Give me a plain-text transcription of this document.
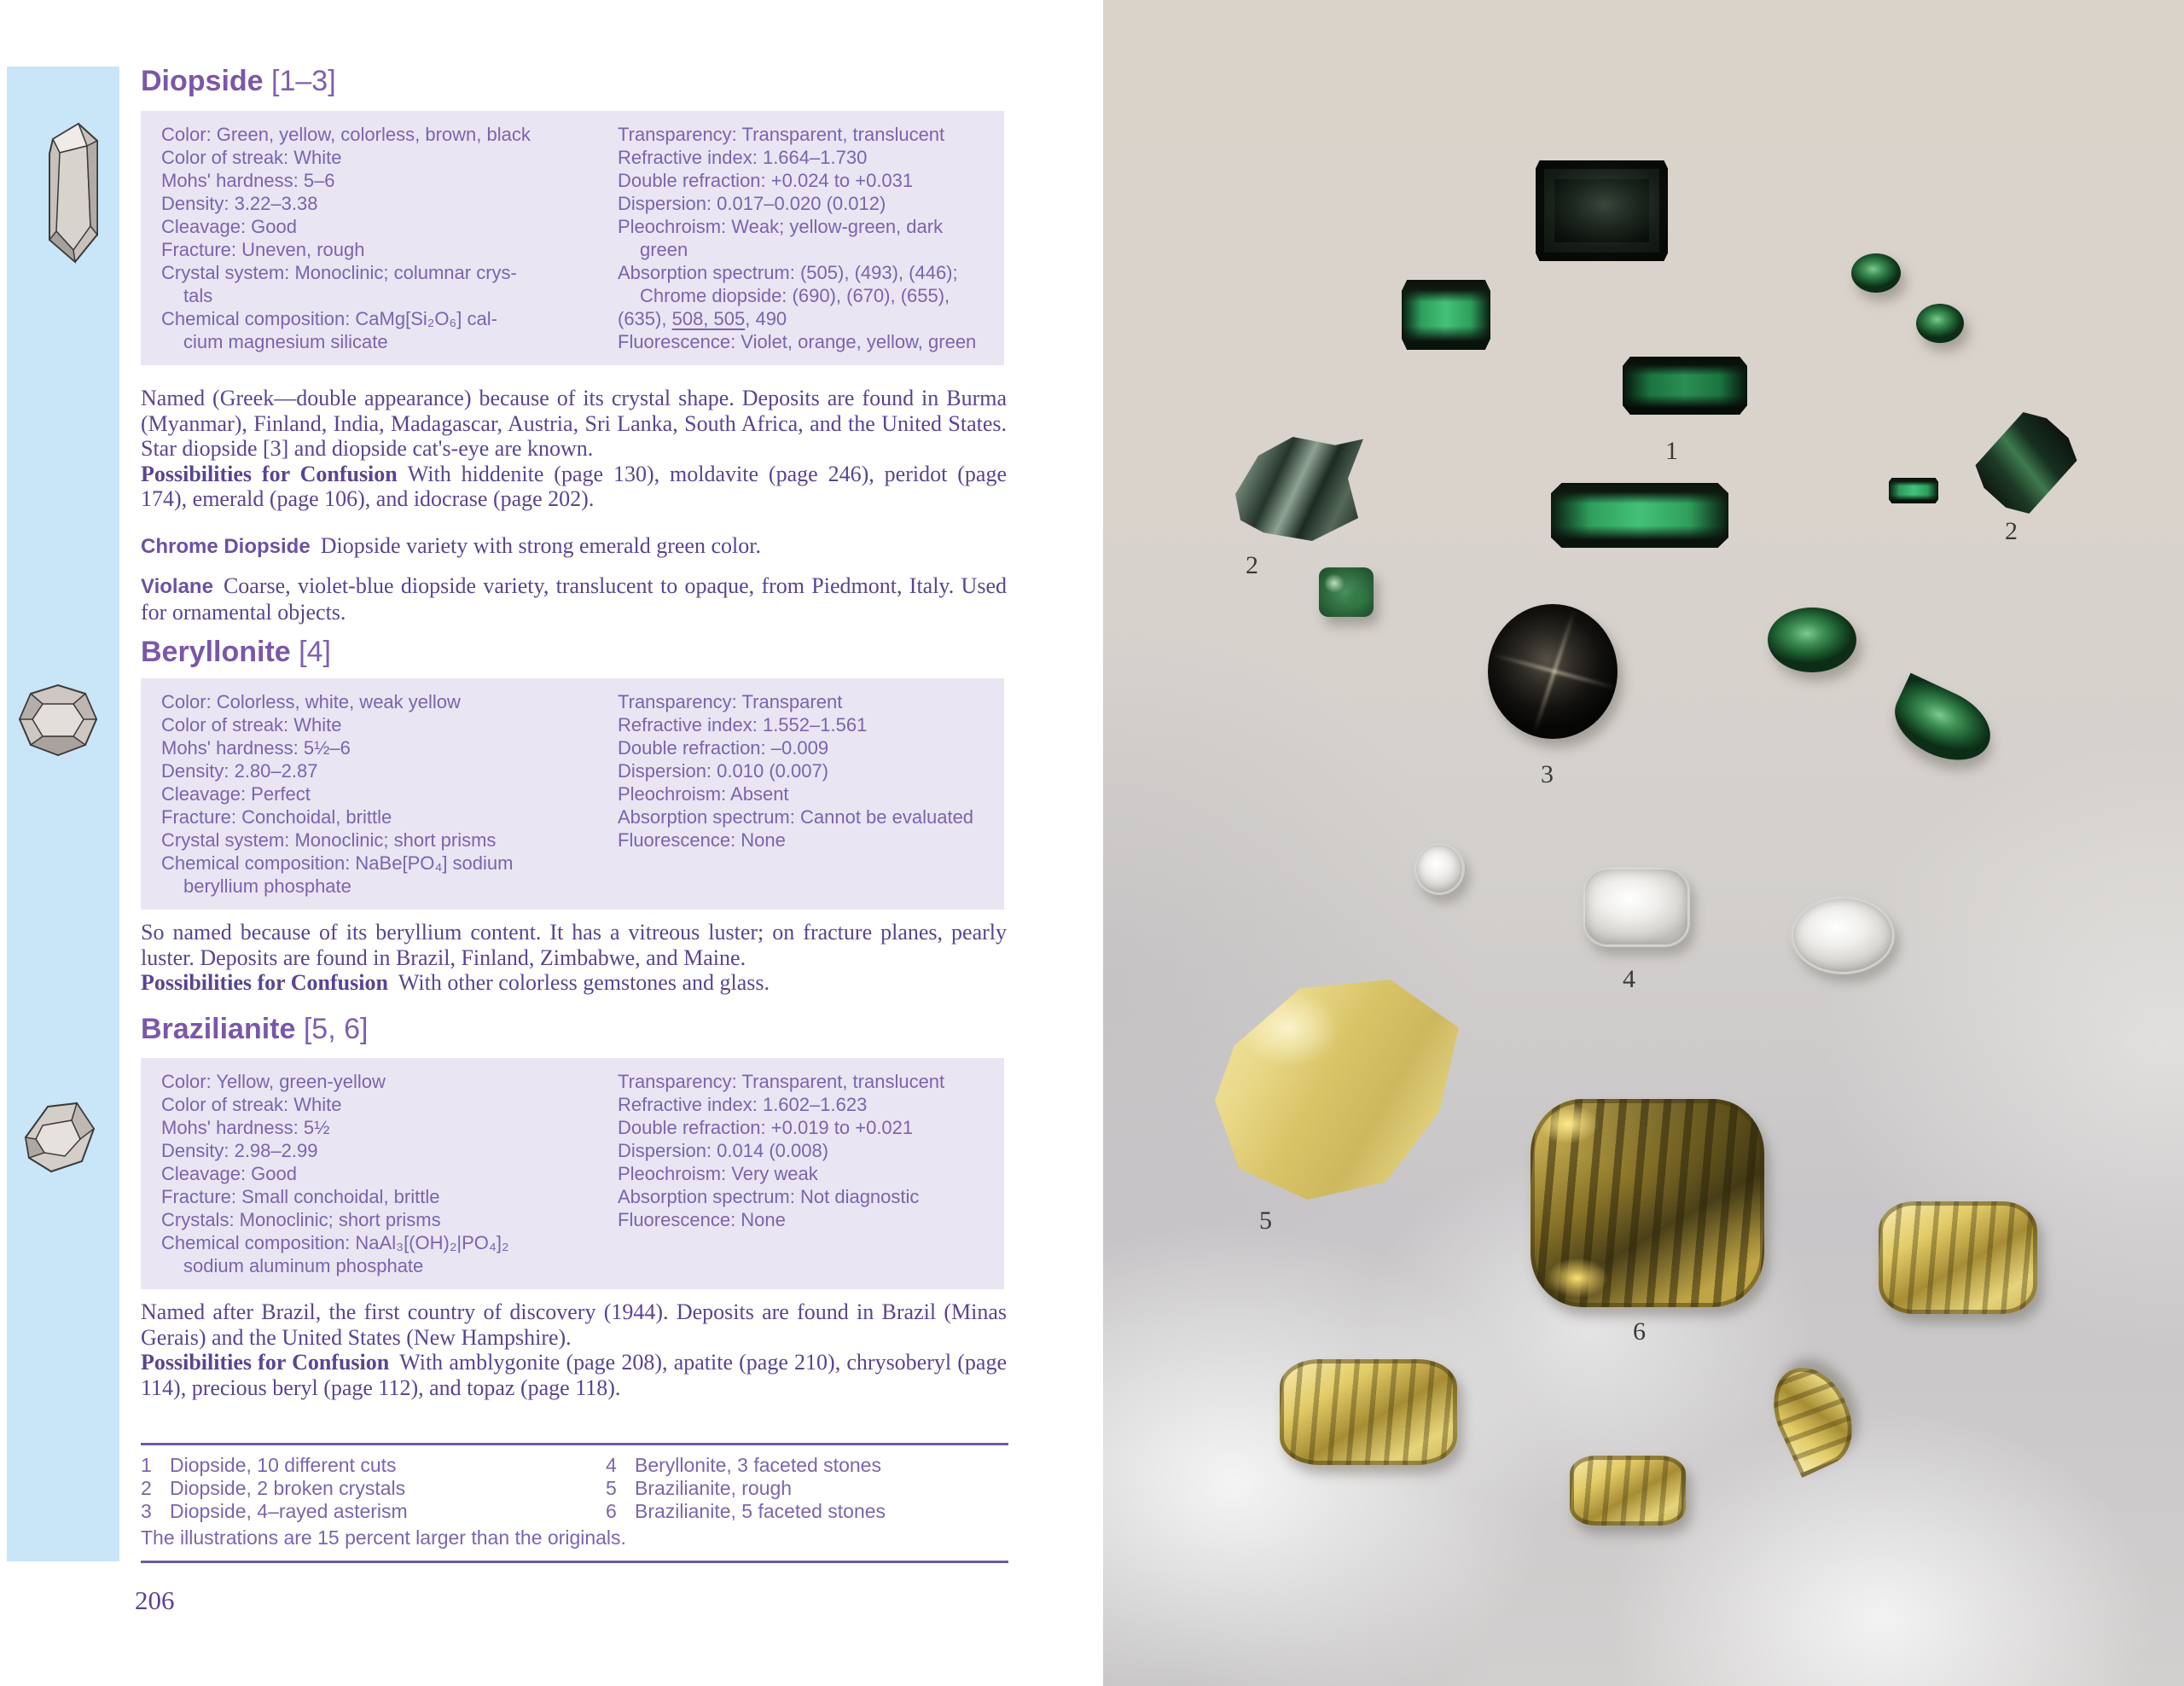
Diopside [1–3]
Color: Green, yellow, colorless, brown, black
Color of streak: White
Mohs' hardness: 5–6
Density: 3.22–3.38
Cleavage: Good
Fracture: Uneven, rough
Crystal system: Monoclinic; columnar crys-
tals
Chemical composition: CaMg[Si₂O₆] cal-
cium magnesium silicate
Transparency: Transparent, translucent
Refractive index: 1.664–1.730
Double refraction: +0.024 to +0.031
Dispersion: 0.017–0.020 (0.012)
Pleochroism: Weak; yellow-green, dark
green
Absorption spectrum: (505), (493), (446);
Chrome diopside: (690), (670), (655),
(635), 508, 505, 490
Fluorescence: Violet, orange, yellow, green

Named (Greek—double appearance) because of its crystal shape. Deposits are found in Burma (Myanmar), Finland, India, Madagascar, Austria, Sri Lanka, South Africa, and the United States. Star diopside [3] and diopside cat's-eye are known.

Possibilities for Confusion With hiddenite (page 130), moldavite (page 246), peridot (page 174), emerald (page 106), and idocrase (page 202).

Chrome Diopside Diopside variety with strong emerald green color.

Violane Coarse, violet-blue diopside variety, translucent to opaque, from Piedmont, Italy. Used for ornamental objects.

Beryllonite [4]
Color: Colorless, white, weak yellow
Color of streak: White
Mohs' hardness: 5½–6
Density: 2.80–2.87
Cleavage: Perfect
Fracture: Conchoidal, brittle
Crystal system: Monoclinic; short prisms
Chemical composition: NaBe[PO₄] sodium
beryllium phosphate
Transparency: Transparent
Refractive index: 1.552–1.561
Double refraction: –0.009
Dispersion: 0.010 (0.007)
Pleochroism: Absent
Absorption spectrum: Cannot be evaluated
Fluorescence: None

So named because of its beryllium content. It has a vitreous luster; on fracture planes, pearly luster. Deposits are found in Brazil, Finland, Zimbabwe, and Maine.

Possibilities for Confusion With other colorless gemstones and glass.

Brazilianite [5, 6]
Color: Yellow, green-yellow
Color of streak: White
Mohs' hardness: 5½
Density: 2.98–2.99
Cleavage: Good
Fracture: Small conchoidal, brittle
Crystals: Monoclinic; short prisms
Chemical composition: NaAl₃[(OH)₂|PO₄]₂
sodium aluminum phosphate
Transparency: Transparent, translucent
Refractive index: 1.602–1.623
Double refraction: +0.019 to +0.021
Dispersion: 0.014 (0.008)
Pleochroism: Very weak
Absorption spectrum: Not diagnostic
Fluorescence: None

Named after Brazil, the first country of discovery (1944). Deposits are found in Brazil (Minas Gerais) and the United States (New Hampshire).

Possibilities for Confusion With amblygonite (page 208), apatite (page 210), chrysoberyl (page 114), precious beryl (page 112), and topaz (page 118).

1 Diopside, 10 different cuts	4 Beryllonite, 3 faceted stones
2 Diopside, 2 broken crystals	5 Brazilianite, rough
3 Diopside, 4–rayed asterism	6 Brazilianite, 5 faceted stones
The illustrations are 15 percent larger than the originals.
206
1
2
2
3
4
5
6
